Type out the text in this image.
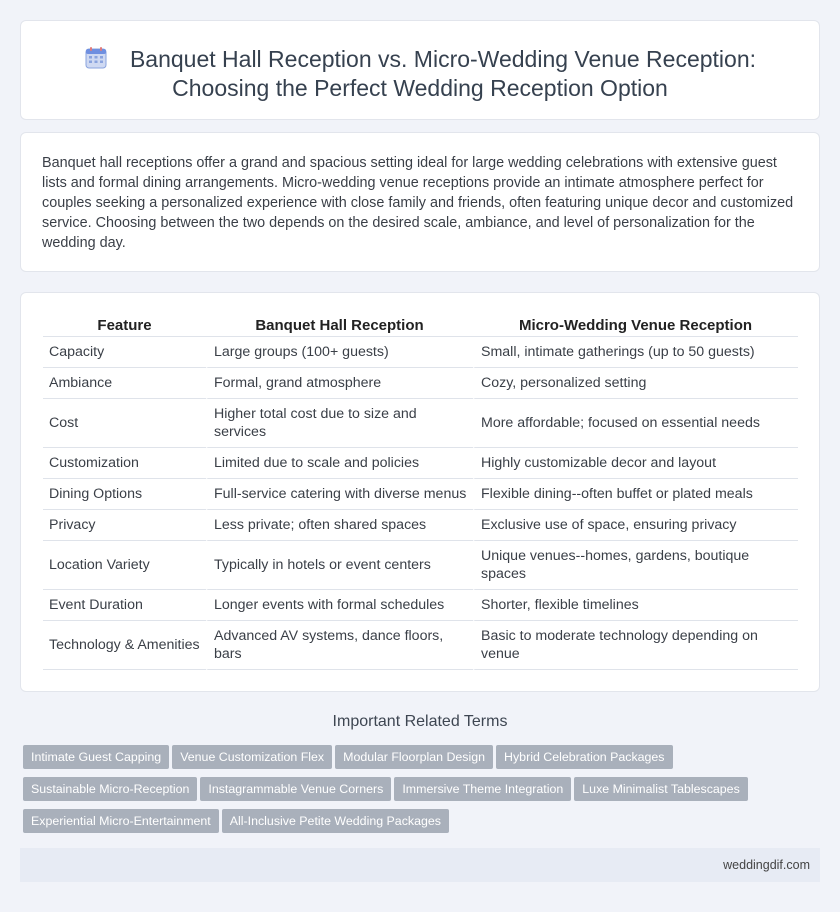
Banquet Hall Reception vs. Micro-Wedding Venue Reception:
Choosing the Perfect Wedding Reception Option

Banquet hall receptions offer a grand and spacious setting ideal for large wedding celebrations with extensive guest lists and formal dining arrangements. Micro-wedding venue receptions provide an intimate atmosphere perfect for couples seeking a personalized experience with close family and friends, often featuring unique decor and customized service. Choosing between the two depends on the desired scale, ambiance, and level of personalization for the wedding day.

Feature	Banquet Hall Reception	Micro-Wedding Venue Reception
Capacity	Large groups (100+ guests)	Small, intimate gatherings (up to 50 guests)
Ambiance	Formal, grand atmosphere	Cozy, personalized setting
Cost	Higher total cost due to size and services	More affordable; focused on essential needs
Customization	Limited due to scale and policies	Highly customizable decor and layout
Dining Options	Full-service catering with diverse menus	Flexible dining--often buffet or plated meals
Privacy	Less private; often shared spaces	Exclusive use of space, ensuring privacy
Location Variety	Typically in hotels or event centers	Unique venues--homes, gardens, boutique spaces
Event Duration	Longer events with formal schedules	Shorter, flexible timelines
Technology & Amenities	Advanced AV systems, dance floors, bars	Basic to moderate technology depending on venue
Important Related Terms
Intimate Guest Capping Venue Customization Flex Modular Floorplan Design Hybrid Celebration Packages
Sustainable Micro-Reception Instagrammable Venue Corners Immersive Theme Integration Luxe Minimalist Tablescapes
Experiential Micro-Entertainment All-Inclusive Petite Wedding Packages
weddingdif.com
